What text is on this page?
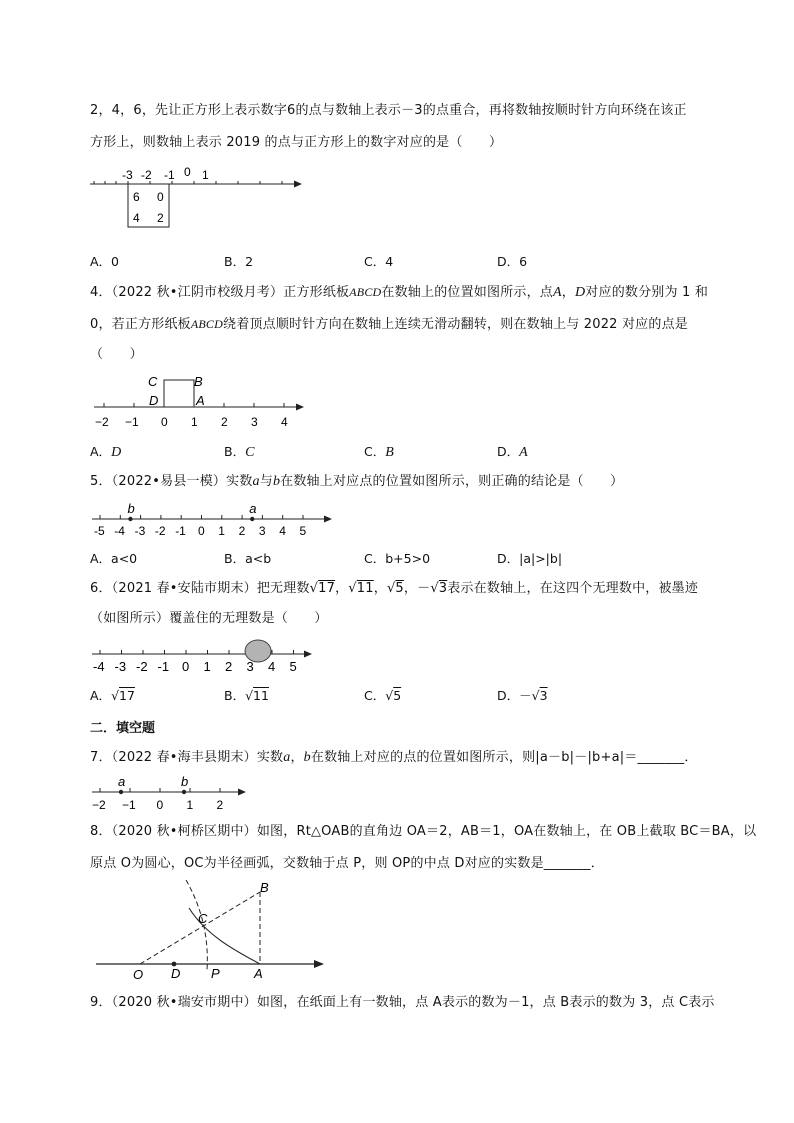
2，4，6，先让正方形上表示数字6的点与数轴上表示－3的点重合，再将数轴按顺时针方向环绕在该正
方形上，则数轴上表示 2019 的点与正方形上的数字对应的是（　　）
-3 -2 -1 0 1
6 0
4 2
A．0	B．2	C．4	D．6
4．（2022 秋•江阴市校级月考）正方形纸板ABCD在数轴上的位置如图所示，点A，D对应的数分别为 1 和
0，若正方形纸板ABCD绕着顶点顺时针方向在数轴上连续无滑动翻转，则在数轴上与 2022 对应的点是
（　　）
C	B
D	A
−2 −1 0 1 2 3 4
A．D	B．C	C．B	D．A
5．（2022•易县一模）实数a与b在数轴上对应点的位置如图所示，则正确的结论是（　　）
-5 -4 -3 -2 -1 0 1 2 3 4 5
b	a
A．a<0	B．a<b	C．b+5>0	D．|a|>|b|
6．（2021 春•安陆市期末）把无理数√17，√11，√5，－√3表示在数轴上，在这四个无理数中，被墨迹
（如图所示）覆盖住的无理数是（　　）
-4 -3 -2 -1 0 1 2 3 4 5
A．√17	B．√11	C．√5	D．－√3
二．填空题
7．（2022 春•海丰县期末）实数a，b在数轴上对应的点的位置如图所示，则|a－b|－|b+a|＝_______．
−2 −1 0 1 2
a	b
8．（2020 秋•柯桥区期中）如图，Rt△OAB的直角边 OA＝2，AB＝1，OA在数轴上，在 OB上截取 BC＝BA，以
原点 O为圆心，OC为半径画弧，交数轴于点 P，则 OP的中点 D对应的实数是_______．
B
C
O D P	A
9．（2020 秋•瑞安市期中）如图，在纸面上有一数轴，点 A表示的数为－1，点 B表示的数为 3，点 C表示
